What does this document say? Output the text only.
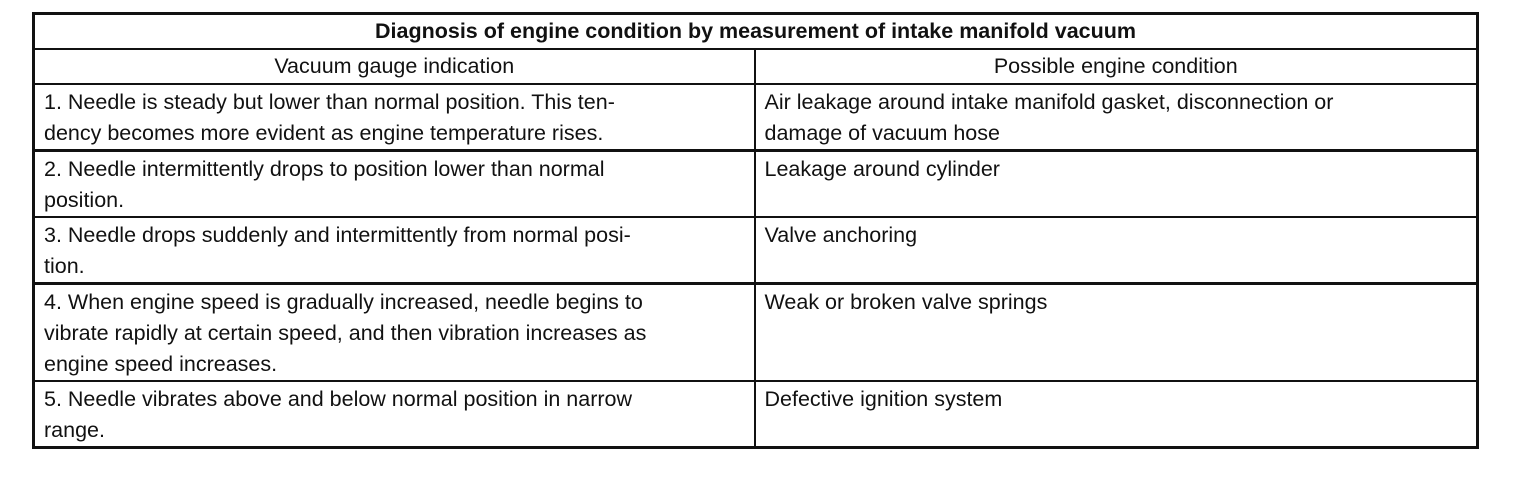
Diagnosis of engine condition by measurement of intake manifold vacuum	
Vacuum gauge indication	Possible engine condition

1. Needle is steady but lower than normal position. This ten-
dency becomes more evident as engine temperature rises.	Air leakage around intake manifold gasket, disconnection or
damage of vacuum hose

2. Needle intermittently drops to position lower than normal
position.	Leakage around cylinder

3. Needle drops suddenly and intermittently from normal posi-
tion.	Valve anchoring

4. When engine speed is gradually increased, needle begins to
vibrate rapidly at certain speed, and then vibration increases as
engine speed increases.	Weak or broken valve springs

5. Needle vibrates above and below normal position in narrow
range.	Defective ignition system
